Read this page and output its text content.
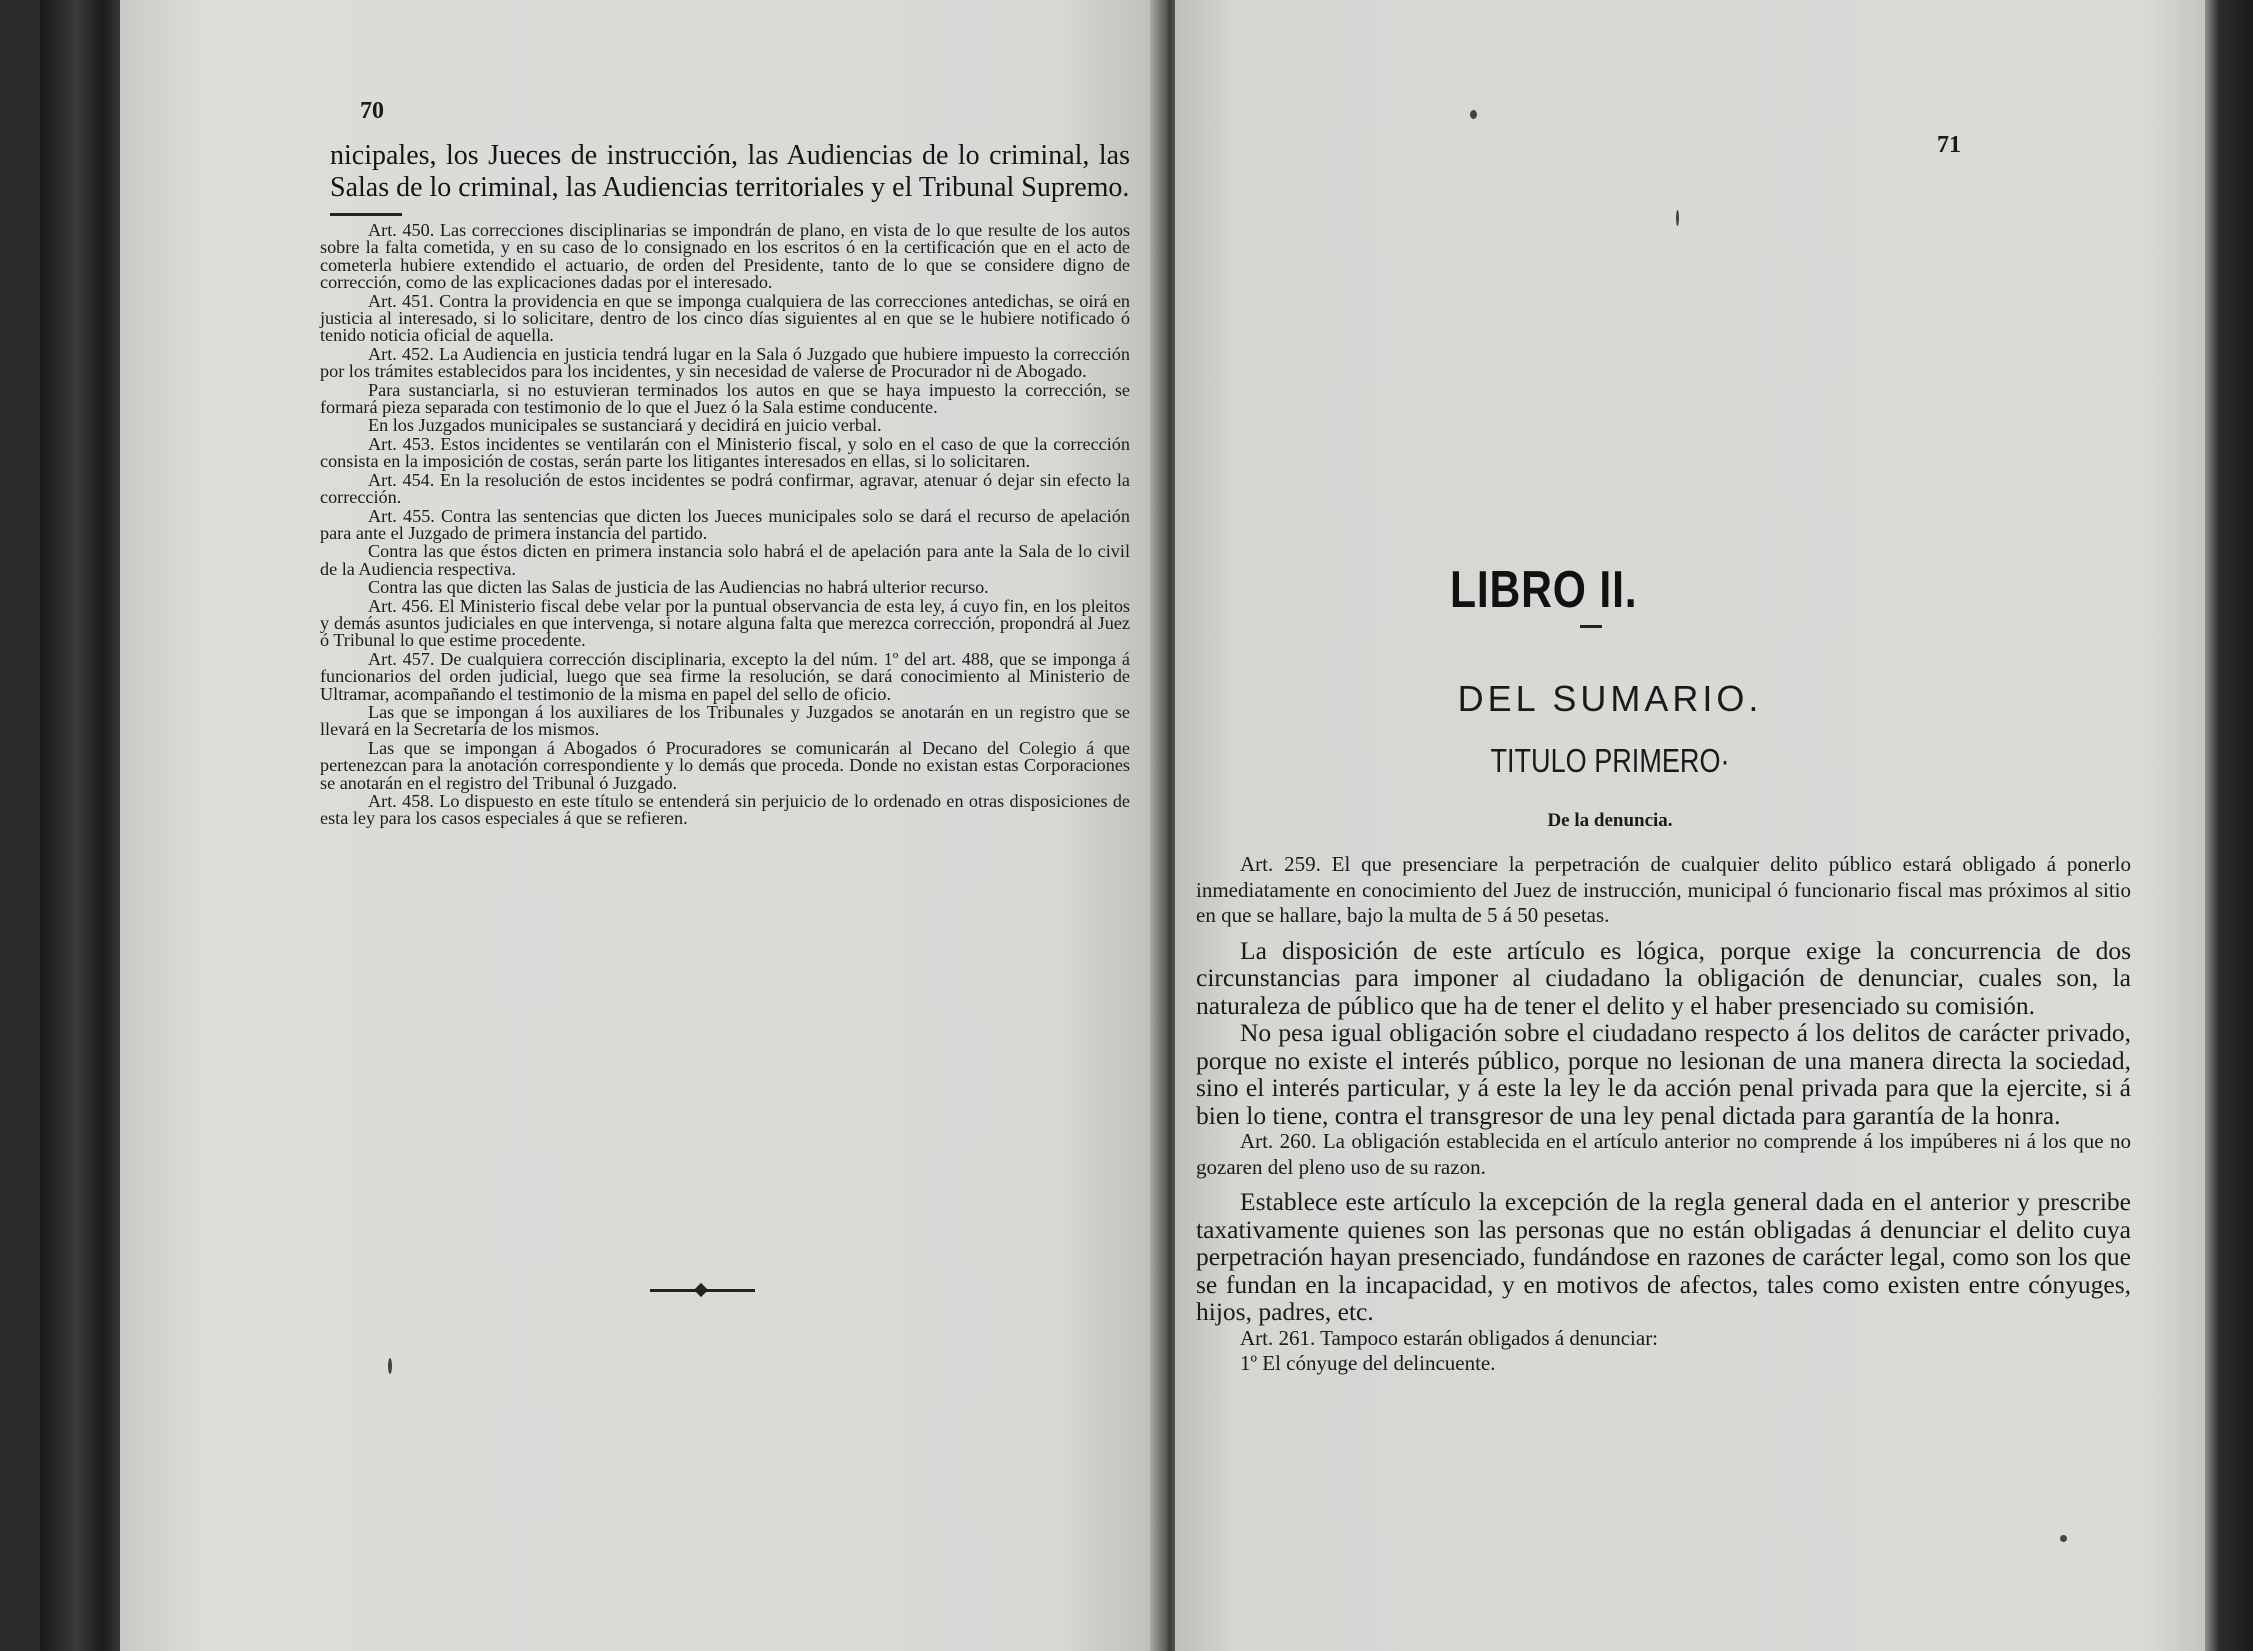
70
nicipales, los Jueces de instrucción, las Audiencias de lo criminal, las Salas de lo criminal, las Audiencias territoriales y el Tribunal Supremo.

Art. 450. Las correcciones disciplinarias se impondrán de plano, en vista de lo que resulte de los autos sobre la falta cometida, y en su caso de lo consignado en los escritos ó en la certificación que en el acto de cometerla hubiere extendido el actuario, de orden del Presidente, tanto de lo que se considere digno de corrección, como de las explicaciones dadas por el interesado.

Art. 451. Contra la providencia en que se imponga cualquiera de las correcciones antedichas, se oirá en justicia al interesado, si lo solicitare, dentro de los cinco días siguientes al en que se le hubiere notificado ó tenido noticia oficial de aquella.

Art. 452. La Audiencia en justicia tendrá lugar en la Sala ó Juzgado que hubiere impuesto la corrección por los trámites establecidos para los incidentes, y sin necesidad de valerse de Procurador ni de Abogado.

Para sustanciarla, si no estuvieran terminados los autos en que se haya impuesto la corrección, se formará pieza separada con testimonio de lo que el Juez ó la Sala estime conducente.

En los Juzgados municipales se sustanciará y decidirá en juicio verbal.

Art. 453. Estos incidentes se ventilarán con el Ministerio fiscal, y solo en el caso de que la corrección consista en la imposición de costas, serán parte los litigantes interesados en ellas, si lo solicitaren.

Art. 454. En la resolución de estos incidentes se podrá confirmar, agravar, atenuar ó dejar sin efecto la corrección.

Art. 455. Contra las sentencias que dicten los Jueces municipales solo se dará el recurso de apelación para ante el Juzgado de primera instancia del partido.

Contra las que éstos dicten en primera instancia solo habrá el de apelación para ante la Sala de lo civil de la Audiencia respectiva.

Contra las que dicten las Salas de justicia de las Audiencias no habrá ulterior recurso.

Art. 456. El Ministerio fiscal debe velar por la puntual observancia de esta ley, á cuyo fin, en los pleitos y demás asuntos judiciales en que intervenga, si notare alguna falta que merezca corrección, propondrá al Juez ó Tribunal lo que estime procedente.

Art. 457. De cualquiera corrección disciplinaria, excepto la del núm. 1º del art. 488, que se imponga á funcionarios del orden judicial, luego que sea firme la resolución, se dará conocimiento al Ministerio de Ultramar, acompañando el testimonio de la misma en papel del sello de oficio.

Las que se impongan á los auxiliares de los Tribunales y Juzgados se anotarán en un registro que se llevará en la Secretaría de los mismos.

Las que se impongan á Abogados ó Procuradores se comunicarán al Decano del Colegio á que pertenezcan para la anotación correspondiente y lo demás que proceda. Donde no existan estas Corporaciones se anotarán en el registro del Tribunal ó Juzgado.

Art. 458. Lo dispuesto en este título se entenderá sin perjuicio de lo ordenado en otras disposiciones de esta ley para los casos especiales á que se refieren.

71
LIBRO II.
DEL SUMARIO.
TITULO PRIMERO·
De la denuncia.

Art. 259. El que presenciare la perpetración de cualquier delito público estará obligado á ponerlo inmediatamente en conocimiento del Juez de instrucción, municipal ó funcionario fiscal mas próximos al sitio en que se hallare, bajo la multa de 5 á 50 pesetas.

La disposición de este artículo es lógica, porque exige la concurrencia de dos circunstancias para imponer al ciudadano la obligación de denunciar, cuales son, la naturaleza de público que ha de tener el delito y el haber presenciado su comisión.

No pesa igual obligación sobre el ciudadano respecto á los delitos de carácter privado, porque no existe el interés público, porque no lesionan de una manera directa la sociedad, sino el interés particular, y á este la ley le da acción penal privada para que la ejercite, si á bien lo tiene, contra el transgresor de una ley penal dictada para garantía de la honra.

Art. 260. La obligación establecida en el artículo anterior no comprende á los impúberes ni á los que no gozaren del pleno uso de su razon.

Establece este artículo la excepción de la regla general dada en el anterior y prescribe taxativamente quienes son las personas que no están obligadas á denunciar el delito cuya perpetración hayan presenciado, fundándose en razones de carácter legal, como son los que se fundan en la incapacidad, y en motivos de afectos, tales como existen entre cónyuges, hijos, padres, etc.

Art. 261. Tampoco estarán obligados á denunciar:

1º El cónyuge del delincuente.
